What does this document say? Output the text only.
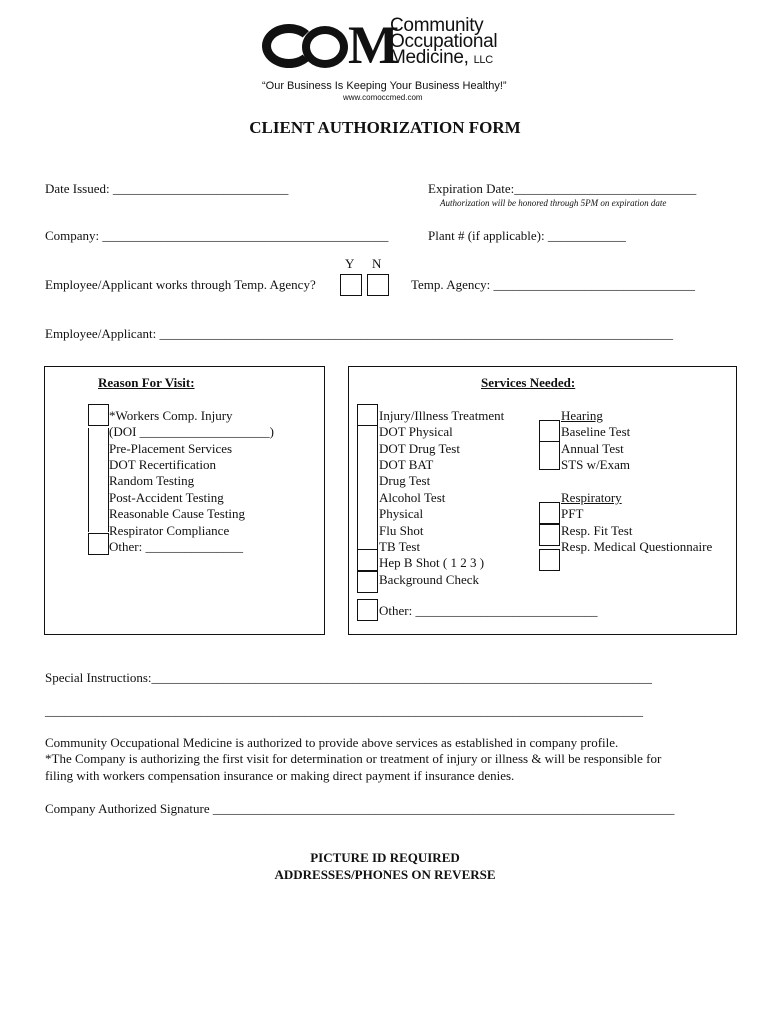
M
Community
Occupational
Medicine, LLC
“Our Business Is Keeping Your Business Healthy!”
www.comoccmed.com
CLIENT AUTHORIZATION FORM
Date Issued: ___________________________	Expiration Date:____________________________
Authorization will be honored through 5PM on expiration date
Company: ____________________________________________	Plant # (if applicable): ____________
Y N
Employee/Applicant works through Temp. Agency?	Temp. Agency: _______________________________
Employee/Applicant: _______________________________________________________________________________
Reason For Visit:
*Workers Comp. Injury
(DOI ____________________)
Pre-Placement Services
DOT Recertification
Random Testing
Post-Accident Testing
Reasonable Cause Testing
Respirator Compliance
Other: _______________
Services Needed:
Injury/Illness Treatment
DOT Physical
DOT Drug Test
DOT BAT
Drug Test
Alcohol Test
Physical
Flu Shot
TB Test
Hep B Shot ( 1 2 3 )
Background Check
Other: ____________________________
Hearing
Baseline Test
Annual Test
STS w/Exam
Respiratory
PFT
Resp. Fit Test
Resp. Medical Questionnaire
Special Instructions:_____________________________________________________________________________
____________________________________________________________________________________________
Community Occupational Medicine is authorized to provide above services as established in company profile.
*The Company is authorizing the first visit for determination or treatment of injury or illness & will be responsible for
filing with workers compensation insurance or making direct payment if insurance denies.
Company Authorized Signature _______________________________________________________________________
PICTURE ID REQUIRED
ADDRESSES/PHONES ON REVERSE
